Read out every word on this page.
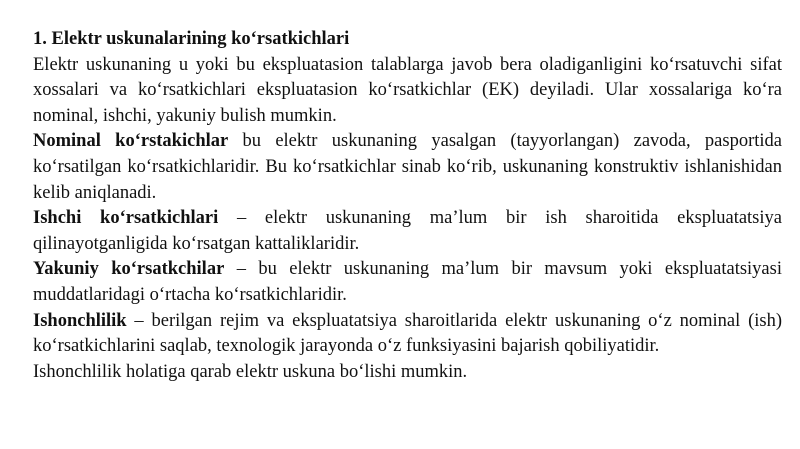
1. Elektr uskunalarining ko‘rsatkichlari

Elektr uskunaning u yoki bu ekspluatasion talablarga javob bera oladiganligini ko‘rsatuvchi sifat xossalari va ko‘rsatkichlari ekspluatasion ko‘rsatkichlar (EK) deyiladi. Ular xossalariga ko‘ra nominal, ishchi, yakuniy bulish mumkin.

Nominal ko‘rstakichlar bu elektr uskunaning yasalgan (tayyorlangan) zavoda, pasportida ko‘rsatilgan ko‘rsatkichlaridir. Bu ko‘rsatkichlar sinab ko‘rib, uskunaning konstruktiv ishlanishidan kelib aniqlanadi.

Ishchi ko‘rsatkichlari – elektr uskunaning ma’lum bir ish sharoitida ekspluatatsiya qilinayotganligida ko‘rsatgan kattaliklaridir.

Yakuniy ko‘rsatkchilar – bu elektr uskunaning ma’lum bir mavsum yoki ekspluatatsiyasi muddatlaridagi o‘rtacha ko‘rsatkichlaridir.

Ishonchlilik – berilgan rejim va ekspluatatsiya sharoitlarida elektr uskunaning o‘z nominal (ish) ko‘rsatkichlarini saqlab, texnologik jarayonda o‘z funksiyasini bajarish qobiliyatidir.

Ishonchlilik holatiga qarab elektr uskuna bo‘lishi mumkin.
